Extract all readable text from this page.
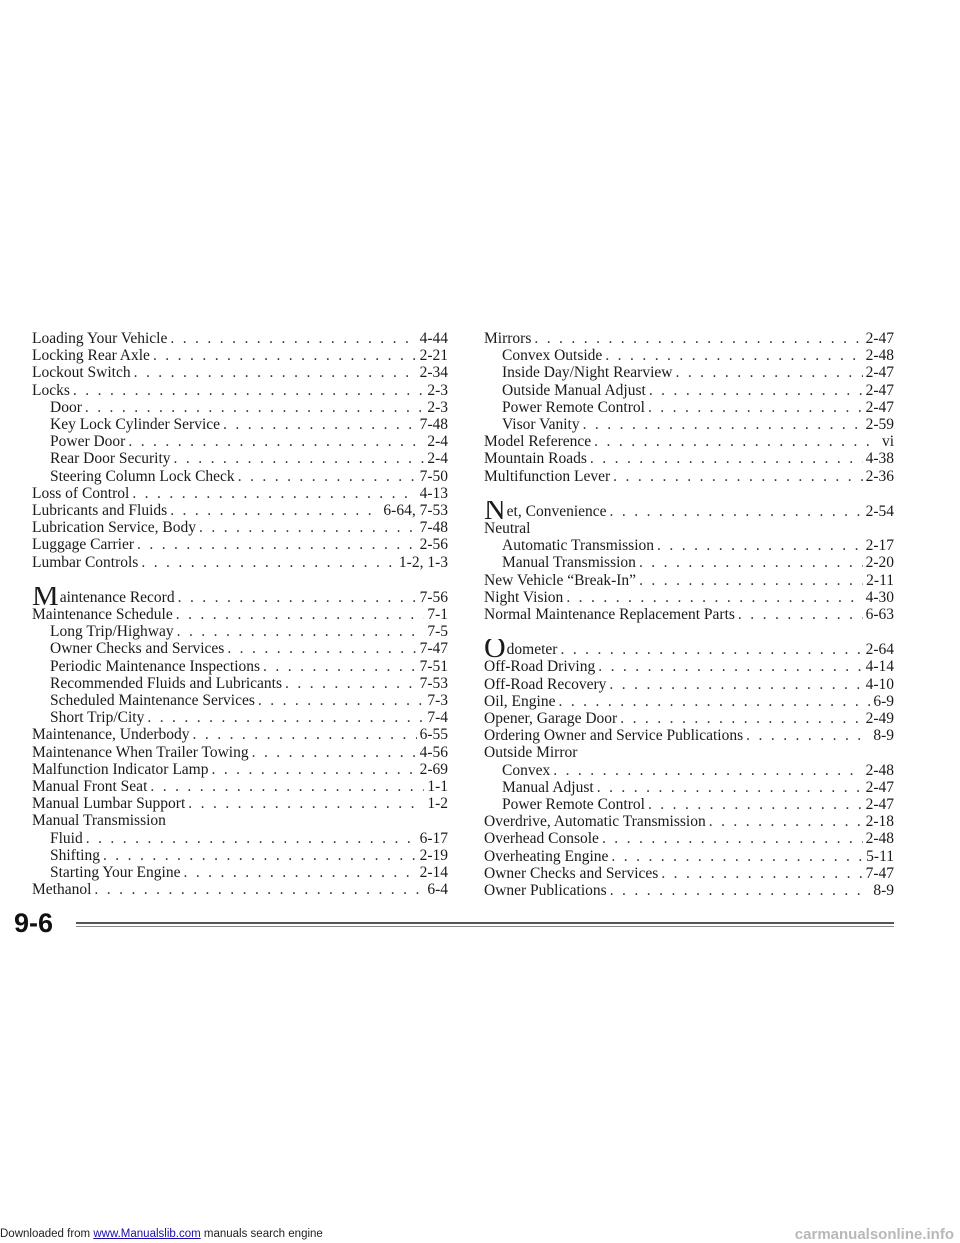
Loading Your Vehicle . . .	4-44
Locking Rear Axle . . .	2-21
Lockout Switch . . .	2-34
Locks . . .	2-3
Door . . .	2-3
Key Lock Cylinder Service . . .	7-48
Power Door . . .	2-4
Rear Door Security . . .	2-4
Steering Column Lock Check . . .	7-50
Loss of Control . . .	4-13
Lubricants and Fluids . . .	6-64, 7-53
Lubrication Service, Body . . .	7-48
Luggage Carrier . . .	2-56
Lumbar Controls . . .	1-2, 1-3
Maintenance Record . . .	7-56
Maintenance Schedule . . .	7-1
Long Trip/Highway . . .	7-5
Owner Checks and Services . . .	7-47
Periodic Maintenance Inspections . . .	7-51
Recommended Fluids and Lubricants . . .	7-53
Scheduled Maintenance Services . . .	7-3
Short Trip/City . . .	7-4
Maintenance, Underbody . . .	6-55
Maintenance When Trailer Towing . . .	4-56
Malfunction Indicator Lamp . . .	2-69
Manual Front Seat . . .	1-1
Manual Lumbar Support . . .	1-2
Manual Transmission
Fluid . . .	6-17
Shifting . . .	2-19
Starting Your Engine . . .	2-14
Methanol . . .	6-4
Mirrors . . .	2-47
Convex Outside . . .	2-48
Inside Day/Night Rearview . . .	2-47
Outside Manual Adjust . . .	2-47
Power Remote Control . . .	2-47
Visor Vanity . . .	2-59
Model Reference . . .	vi
Mountain Roads . . .	4-38
Multifunction Lever . . .	2-36
Net, Convenience . . .	2-54
Neutral
Automatic Transmission . . .	2-17
Manual Transmission . . .	2-20
New Vehicle “Break-In” . . .	2-11
Night Vision . . .	4-30
Normal Maintenance Replacement Parts . . .	6-63
Odometer . . .	2-64
Off-Road Driving . . .	4-14
Off-Road Recovery . . .	4-10
Oil, Engine . . .	6-9
Opener, Garage Door . . .	2-49
Ordering Owner and Service Publications . . .	8-9
Outside Mirror
Convex . . .	2-48
Manual Adjust . . .	2-47
Power Remote Control . . .	2-47
Overdrive, Automatic Transmission . . .	2-18
Overhead Console . . .	2-48
Overheating Engine . . .	5-11
Owner Checks and Services . . .	7-47
Owner Publications . . .	8-9
9-6
Downloaded from www.Manualslib.com manuals search engine	carmanualsonline.info
